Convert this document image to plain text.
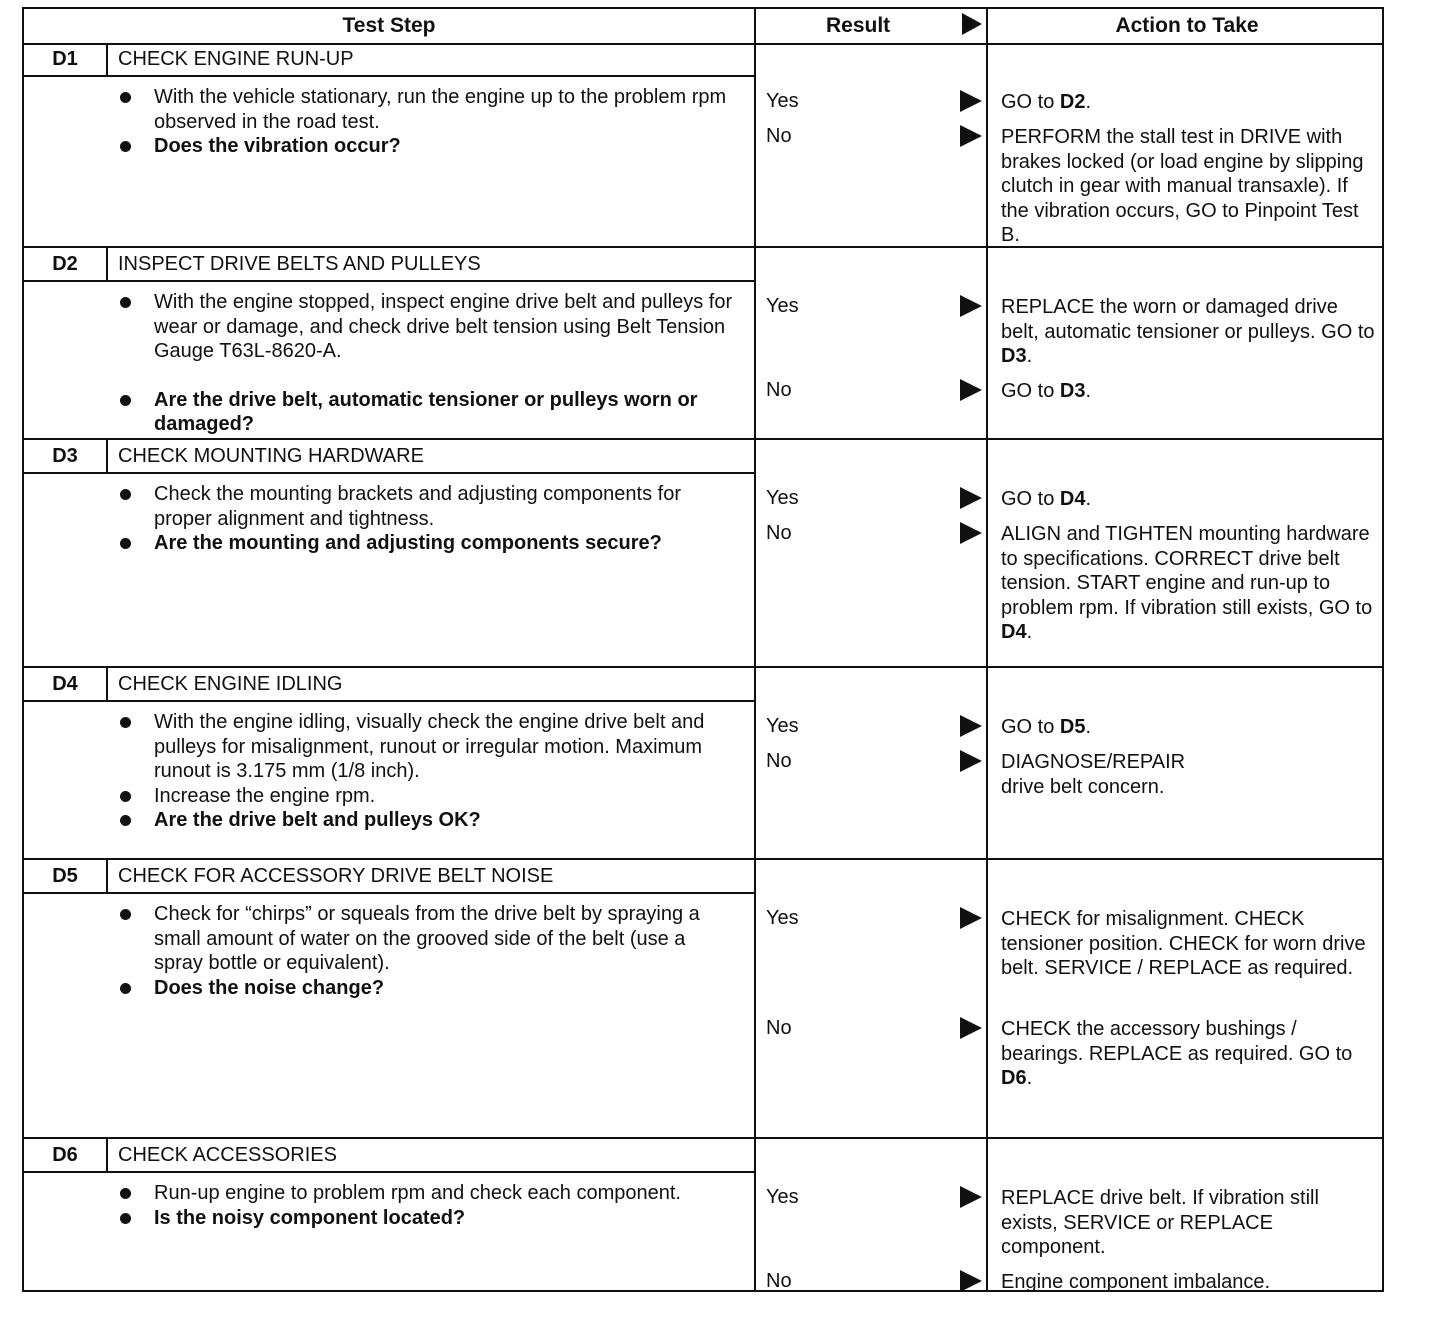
Test Step	Result	Action to Take
D1	CHECK ENGINE RUN-UP
With the vehicle stationary, run the engine up to the problem rpm observed in the road test.
Does the vibration occur?
Yes	GO to D2.
No	PERFORM the stall test in DRIVE with brakes locked (or load engine by slipping clutch in gear with manual transaxle). If the vibration occurs, GO to Pinpoint Test B.
D2	INSPECT DRIVE BELTS AND PULLEYS
With the engine stopped, inspect engine drive belt and pulleys for wear or damage, and check drive belt tension using Belt Tension Gauge T63L-8620-A.
Are the drive belt, automatic tensioner or pulleys worn or damaged?
Yes	REPLACE the worn or damaged drive belt, automatic tensioner or pulleys. GO to D3.
No	GO to D3.
D3	CHECK MOUNTING HARDWARE
Check the mounting brackets and adjusting components for proper alignment and tightness.
Are the mounting and adjusting components secure?
Yes	GO to D4.
No	ALIGN and TIGHTEN mounting hardware to specifications. CORRECT drive belt tension. START engine and run-up to problem rpm. If vibration still exists, GO to D4.
D4	CHECK ENGINE IDLING
With the engine idling, visually check the engine drive belt and pulleys for misalignment, runout or irregular motion. Maximum runout is 3.175 mm (1/8 inch).
Increase the engine rpm.
Are the drive belt and pulleys OK?
Yes	GO to D5.
No	DIAGNOSE/REPAIR drive belt concern.
D5	CHECK FOR ACCESSORY DRIVE BELT NOISE
Check for “chirps” or squeals from the drive belt by spraying a small amount of water on the grooved side of the belt (use a spray bottle or equivalent).
Does the noise change?
Yes	CHECK for misalignment. CHECK tensioner position. CHECK for worn drive belt. SERVICE / REPLACE as required.
No	CHECK the accessory bushings / bearings. REPLACE as required. GO to D6.
D6	CHECK ACCESSORIES
Run-up engine to problem rpm and check each component.
Is the noisy component located?
Yes	REPLACE drive belt. If vibration still exists, SERVICE or REPLACE component.
No	Engine component imbalance.
